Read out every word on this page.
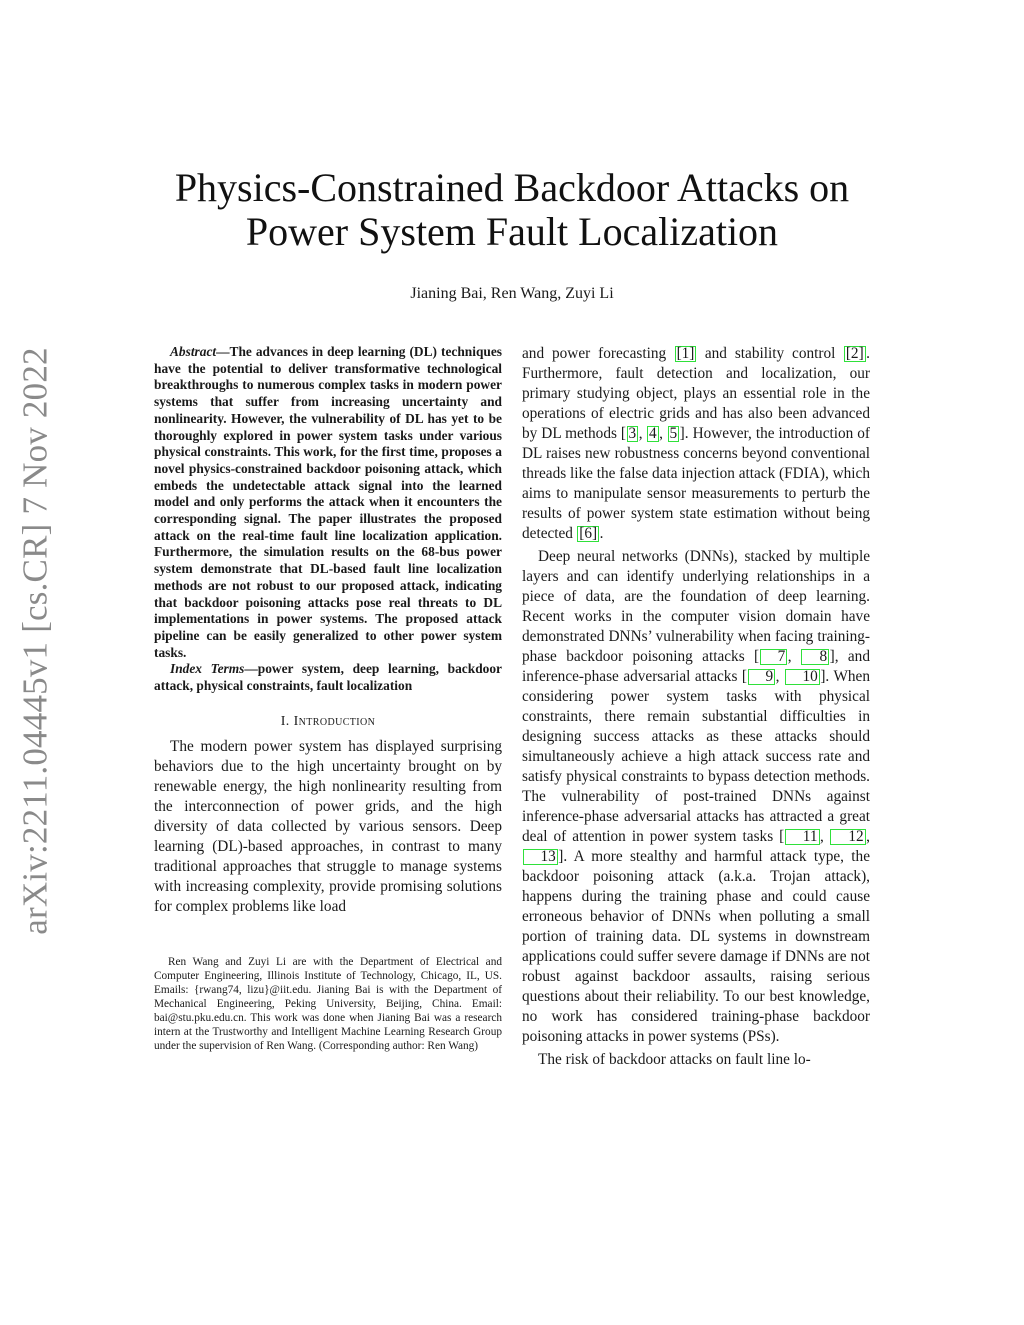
arXiv:2211.04445v1 [cs.CR] 7 Nov 2022
Physics-Constrained Backdoor Attacks on
Power System Fault Localization
Jianing Bai, Ren Wang, Zuyi Li

Abstract—The advances in deep learning (DL) techniques have the potential to deliver transformative technological breakthroughs to numerous complex tasks in modern power systems that suffer from increasing uncertainty and nonlinearity. However, the vulnerability of DL has yet to be thoroughly explored in power system tasks under various physical constraints. This work, for the first time, proposes a novel physics-constrained backdoor poisoning attack, which embeds the undetectable attack signal into the learned model and only performs the attack when it encounters the corresponding signal. The paper illustrates the proposed attack on the real-time fault line localization application. Furthermore, the simulation results on the 68-bus power system demonstrate that DL-based fault line localization methods are not robust to our proposed attack, indicating that backdoor poisoning attacks pose real threats to DL implementations in power systems. The proposed attack pipeline can be easily generalized to other power system tasks.

Index Terms—power system, deep learning, backdoor attack, physical constraints, fault localization

I. Introduction

The modern power system has displayed surprising behaviors due to the high uncertainty brought on by renewable energy, the high nonlinearity resulting from the interconnection of power grids, and the high diversity of data collected by various sensors. Deep learning (DL)-based approaches, in contrast to many traditional approaches that struggle to manage systems with increasing complexity, provide promising solutions for complex problems like load

Ren Wang and Zuyi Li are with the Department of Electrical and Computer Engineering, Illinois Institute of Technology, Chicago, IL, US. Emails: {rwang74, lizu}@iit.edu. Jianing Bai is with the Department of Mechanical Engineering, Peking University, Beijing, China. Email: bai@stu.pku.edu.cn. This work was done when Jianing Bai was a research intern at the Trustworthy and Intelligent Machine Learning Research Group under the supervision of Ren Wang. (Corresponding author: Ren Wang)

and power forecasting [1] and stability control [2] . Furthermore, fault detection and localization, our primary studying object, plays an essential role in the operations of electric grids and has also been advanced by DL methods [ 3 , 4 , 5 ]. However, the introduction of DL raises new robustness concerns beyond conventional threads like the false data injection attack (FDIA), which aims to manipulate sensor measurements to perturb the results of power system state estimation without being detected [6] .

Deep neural networks (DNNs), stacked by multiple layers and can identify underlying relationships in a piece of data, are the foundation of deep learning. Recent works in the computer vision domain have demonstrated DNNs’ vulnerability when facing training-phase backdoor poisoning attacks [ 7 , 8 ], and inference-phase adversarial attacks [ 9 , 10 ]. When considering power system tasks with physical constraints, there remain substantial difficulties in designing success attacks as these attacks should simultaneously achieve a high attack success rate and satisfy physical constraints to bypass detection methods. The vulnerability of post-trained DNNs against inference-phase adversarial attacks has attracted a great deal of attention in power system tasks [ 11 , 12 , 13 ]. A more stealthy and harmful attack type, the backdoor poisoning attack (a.k.a. Trojan attack), happens during the training phase and could cause erroneous behavior of DNNs when polluting a small portion of training data. DL systems in downstream applications could suffer severe damage if DNNs are not robust against backdoor assaults, raising serious questions about their reliability. To our best knowledge, no work has considered training-phase backdoor poisoning attacks in power systems (PSs).

The risk of backdoor attacks on fault line lo-
